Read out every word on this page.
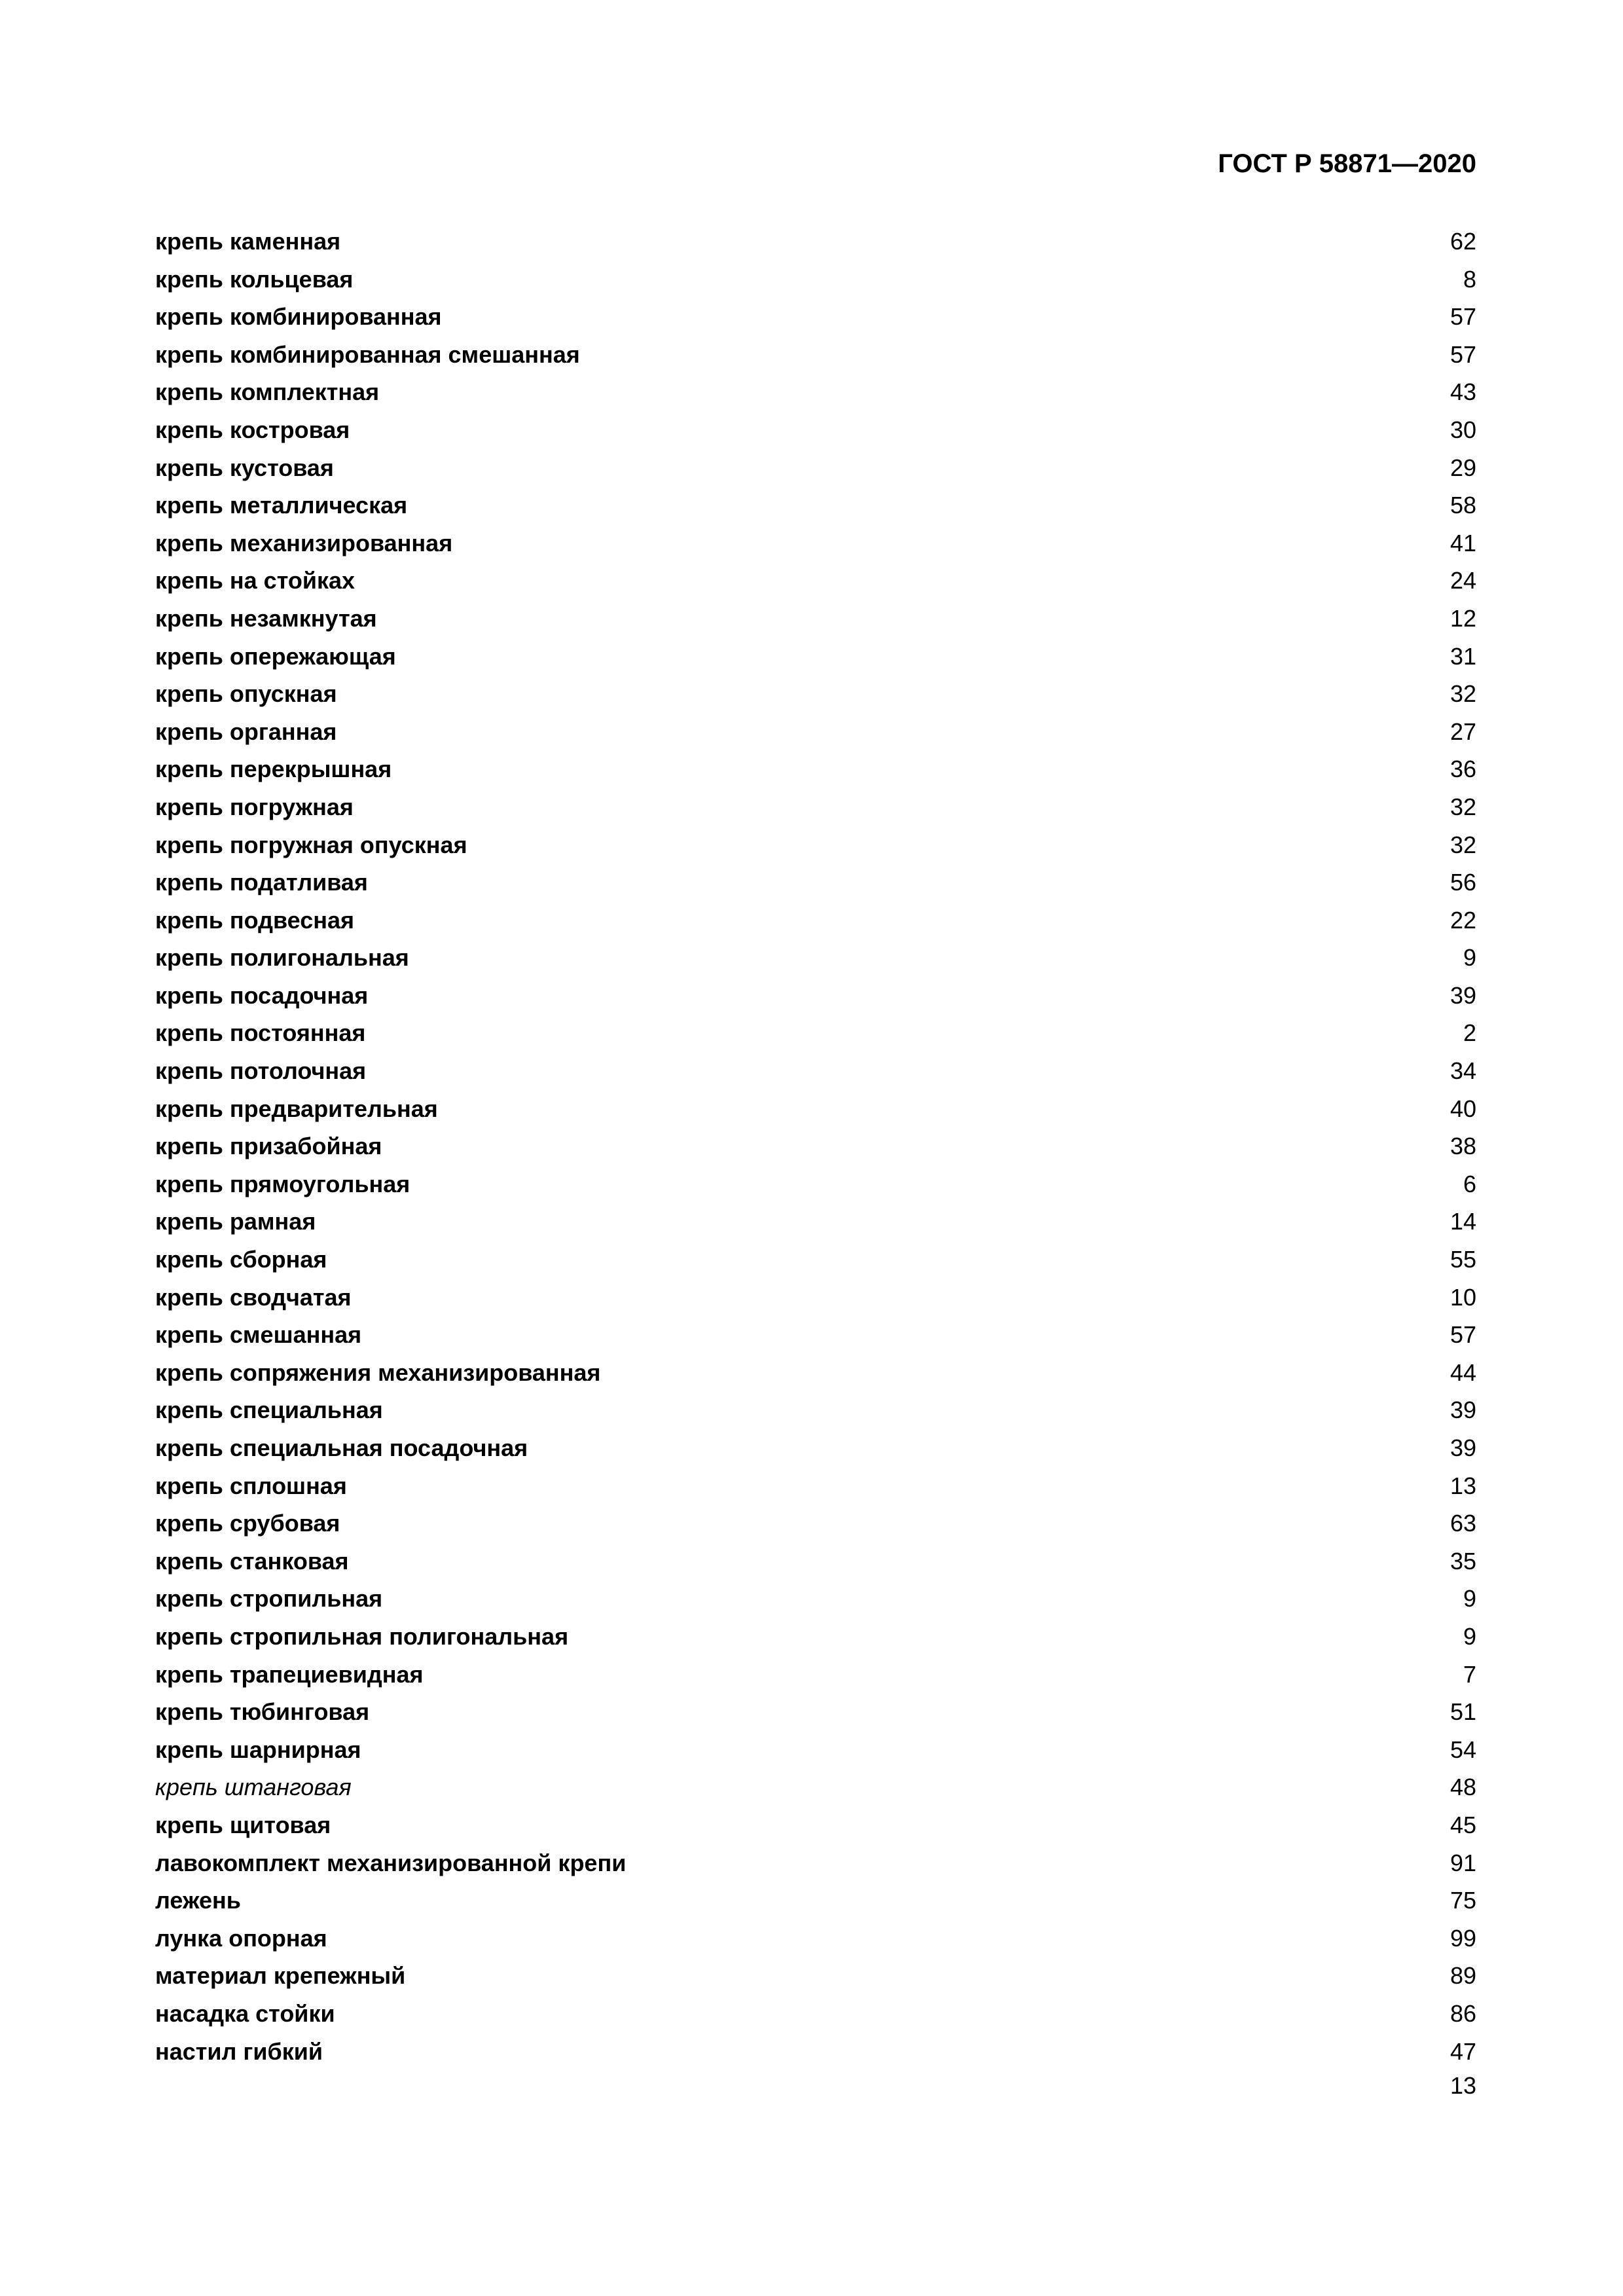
ГОСТ Р 58871—2020
крепь каменная	62
крепь кольцевая	8
крепь комбинированная	57
крепь комбинированная смешанная	57
крепь комплектная	43
крепь костровая	30
крепь кустовая	29
крепь металлическая	58
крепь механизированная	41
крепь на стойках	24
крепь незамкнутая	12
крепь опережающая	31
крепь опускная	32
крепь органная	27
крепь перекрышная	36
крепь погружная	32
крепь погружная опускная	32
крепь податливая	56
крепь подвесная	22
крепь полигональная	9
крепь посадочная	39
крепь постоянная	2
крепь потолочная	34
крепь предварительная	40
крепь призабойная	38
крепь прямоугольная	6
крепь рамная	14
крепь сборная	55
крепь сводчатая	10
крепь смешанная	57
крепь сопряжения механизированная	44
крепь специальная	39
крепь специальная посадочная	39
крепь сплошная	13
крепь срубовая	63
крепь станковая	35
крепь стропильная	9
крепь стропильная полигональная	9
крепь трапециевидная	7
крепь тюбинговая	51
крепь шарнирная	54
крепь штанговая	48
крепь щитовая	45
лавокомплект механизированной крепи	91
лежень	75
лунка опорная	99
материал крепежный	89
насадка стойки	86
настил гибкий	47
13
